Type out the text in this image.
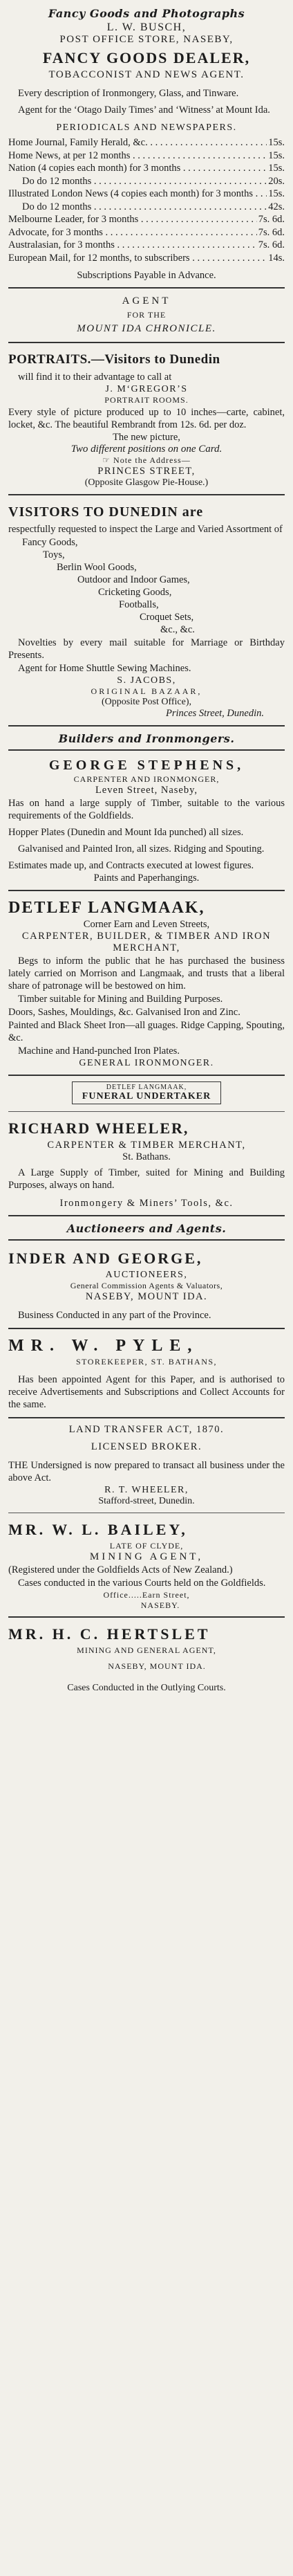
Fancy Goods and Photographs
L. W. BUSCH,
POST OFFICE STORE, NASEBY,
FANCY GOODS DEALER,
TOBACCONIST AND NEWS AGENT.

Every description of Ironmongery, Glass, and Tinware.

Agent for the ‘Otago Daily Times’ and ‘Witness’ at Mount Ida.

PERIODICALS AND NEWSPAPERS.
Home Journal, Family Herald, &c. . . .	15s.
Home News, at per 12 months . . .	15s.
Nation (4 copies each month) for 3 months . . .	15s.
Do do 12 months . . .	20s.
Illustrated London News (4 copies each month) for 3 months . . .	15s.
Do do 12 months . . .	42s.
Melbourne Leader, for 3 months . . .	7s. 6d.
Advocate, for 3 months . . .	7s. 6d.
Australasian, for 3 months . . .	7s. 6d.
European Mail, for 12 months, to subscribers . . .	14s.
Subscriptions Payable in Advance.
AGENT
FOR THE
MOUNT IDA CHRONICLE.
PORTRAITS.—Visitors to Dunedin

will find it to their advantage to call at

J. M‘GREGOR’S
PORTRAIT ROOMS.

Every style of picture produced up to 10 inches—carte, cabinet, locket, &c. The beautiful Rembrandt from 12s. 6d. per doz.

The new picture,
Two different positions on one Card.
☞ Note the Address—
PRINCES STREET,
(Opposite Glasgow Pie-House.)
VISITORS TO DUNEDIN are

respectfully requested to inspect the Large and Varied Assortment of

Fancy Goods,

Toys,

Berlin Wool Goods,

Outdoor and Indoor Games,

Cricketing Goods,

Footballs,

Croquet Sets,

&c., &c.

Novelties by every mail suitable for Marriage or Birthday Presents.

Agent for Home Shuttle Sewing Machines.

S. JACOBS,
ORIGINAL BAZAAR,
(Opposite Post Office),
Princes Street, Dunedin.
Builders and Ironmongers.
GEORGE STEPHENS,
CARPENTER AND IRONMONGER,
Leven Street, Naseby,

Has on hand a large supply of Timber, suitable to the various requirements of the Goldfields.

Hopper Plates (Dunedin and Mount Ida punched) all sizes.

Galvanised and Painted Iron, all sizes. Ridging and Spouting.

Estimates made up, and Contracts executed at lowest figures.

Paints and Paperhangings.
DETLEF LANGMAAK,
Corner Earn and Leven Streets,
CARPENTER, BUILDER, & TIMBER AND IRON MERCHANT,

Begs to inform the public that he has purchased the business lately carried on Morrison and Langmaak, and trusts that a liberal share of patronage will be bestowed on him.

Timber suitable for Mining and Building Purposes.

Doors, Sashes, Mouldings, &c. Galvanised Iron and Zinc.

Painted and Black Sheet Iron—all guages. Ridge Capping, Spouting, &c.

Machine and Hand-punched Iron Plates.

GENERAL IRONMONGER.
DETLEF LANGMAAK,
FUNERAL UNDERTAKER
RICHARD WHEELER,
CARPENTER & TIMBER MERCHANT,
St. Bathans.

A Large Supply of Timber, suited for Mining and Building Purposes, always on hand.

Ironmongery & Miners’ Tools, &c.
Auctioneers and Agents.
INDER AND GEORGE,
AUCTIONEERS,
General Commission Agents & Valuators,
NASEBY, MOUNT IDA.

Business Conducted in any part of the Province.

MR. W. PYLE,
STOREKEEPER, ST. BATHANS,

Has been appointed Agent for this Paper, and is authorised to receive Advertisements and Subscriptions and Collect Accounts for the same.

LAND TRANSFER ACT, 1870.
LICENSED BROKER.

THE Undersigned is now prepared to transact all business under the above Act.

R. T. WHEELER,
Stafford-street, Dunedin.
MR. W. L. BAILEY,
LATE OF CLYDE,
MINING AGENT,

(Registered under the Goldfields Acts of New Zealand.)

Cases conducted in the various Courts held on the Goldfields.

Office.....Earn Street,
NASEBY.
MR. H. C. HERTSLET
MINING AND GENERAL AGENT,
NASEBY, MOUNT IDA.
Cases Conducted in the Outlying Courts.
